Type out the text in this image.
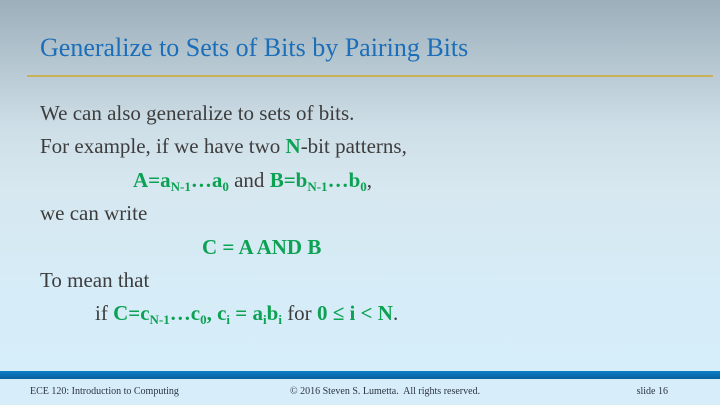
Generalize to Sets of Bits by Pairing Bits
We can also generalize to sets of bits.
For example, if we have two N-bit patterns,
$A=a_{N-1}\dots a_0$ and $B=b_{N-1}\dots b_0$,
we can write
C = A AND B
To mean that
if $C=c_{N-1}\dots c_0$, $c_i = a_ib_i$ for 0 ≤ i < N.
ECE 120: Introduction to Computing	© 2016 Steven S. Lumetta.  All rights reserved.	slide 16
